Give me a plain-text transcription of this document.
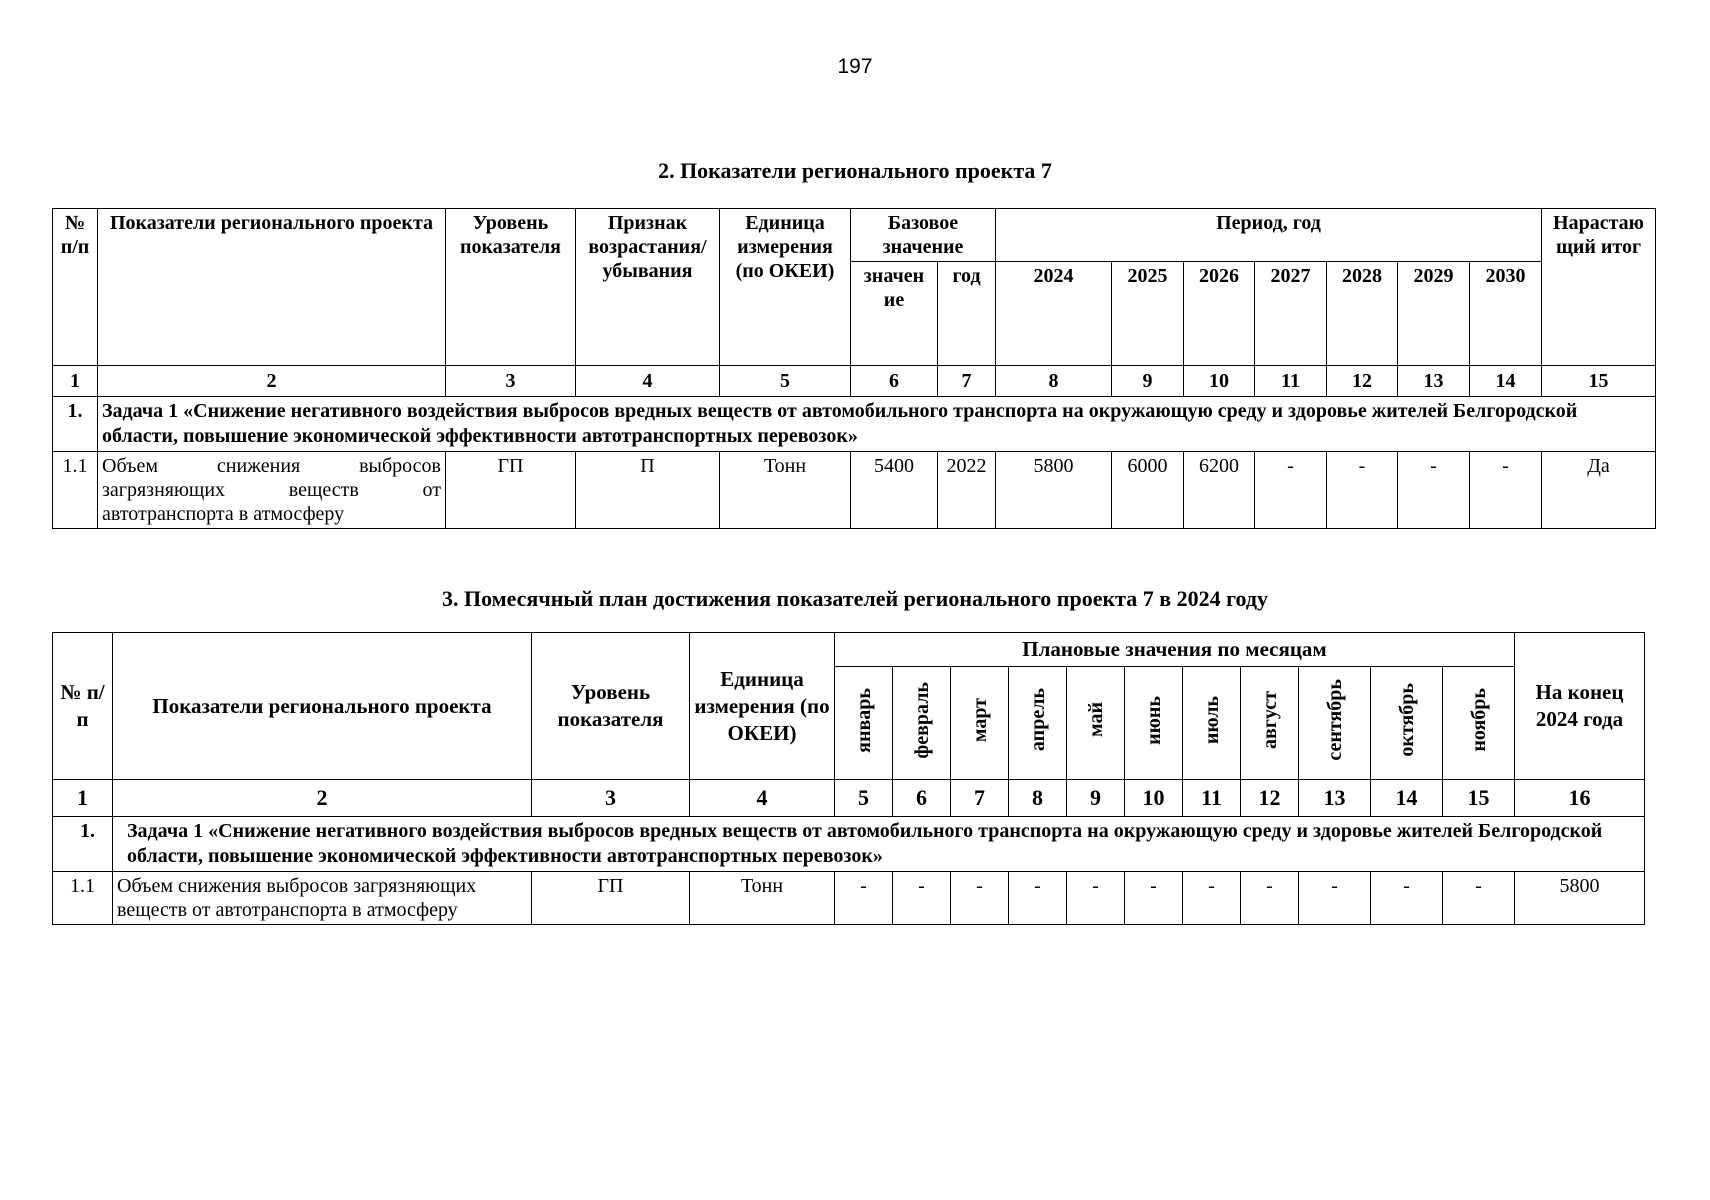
197
2. Показатели регионального проекта 7
№ п/п	Показатели регионального проекта	Уровень показателя	Признак возрастания/ убывания	Единица измерения (по ОКЕИ)	Базовое значение		Период, год							Нарастаю щий итог
					значен ие	год	2024	2025	2026	2027	2028	2029	2030	
1	2	3	4	5	6	7	8	9	10	11	12	13	14	15
1.	Задача 1 «Снижение негативного воздействия выбросов вредных веществ от автомобильного транспорта на окружающую среду и здоровье жителей Белгородской области, повышение экономической эффективности автотранспортных перевозок»													
1.1	Объем снижения выбросов загрязняющих веществ от автотранспорта в атмосферу	ГП	П	Тонн	5400	2022	5800	6000	6200	-	-	-	-	Да
3. Помесячный план достижения показателей регионального проекта 7 в 2024 году
№ п/п	Показатели регионального проекта	Уровень показателя	Единица измерения (по ОКЕИ)	Плановые значения по месяцам											На конец 2024 года
				январь	февраль	март	апрель	май	июнь	июль	август	сентябрь	октябрь	ноябрь	
1	2	3	4	5	6	7	8	9	10	11	12	13	14	15	16
1.	Задача 1 «Снижение негативного воздействия выбросов вредных веществ от автомобильного транспорта на окружающую среду и здоровье жителей Белгородской области, повышение экономической эффективности автотранспортных перевозок»														
1.1	Объем снижения выбросов загрязняющих веществ от автотранспорта в атмосферу	ГП	Тонн	-	-	-	-	-	-	-	-	-	-	-	5800
